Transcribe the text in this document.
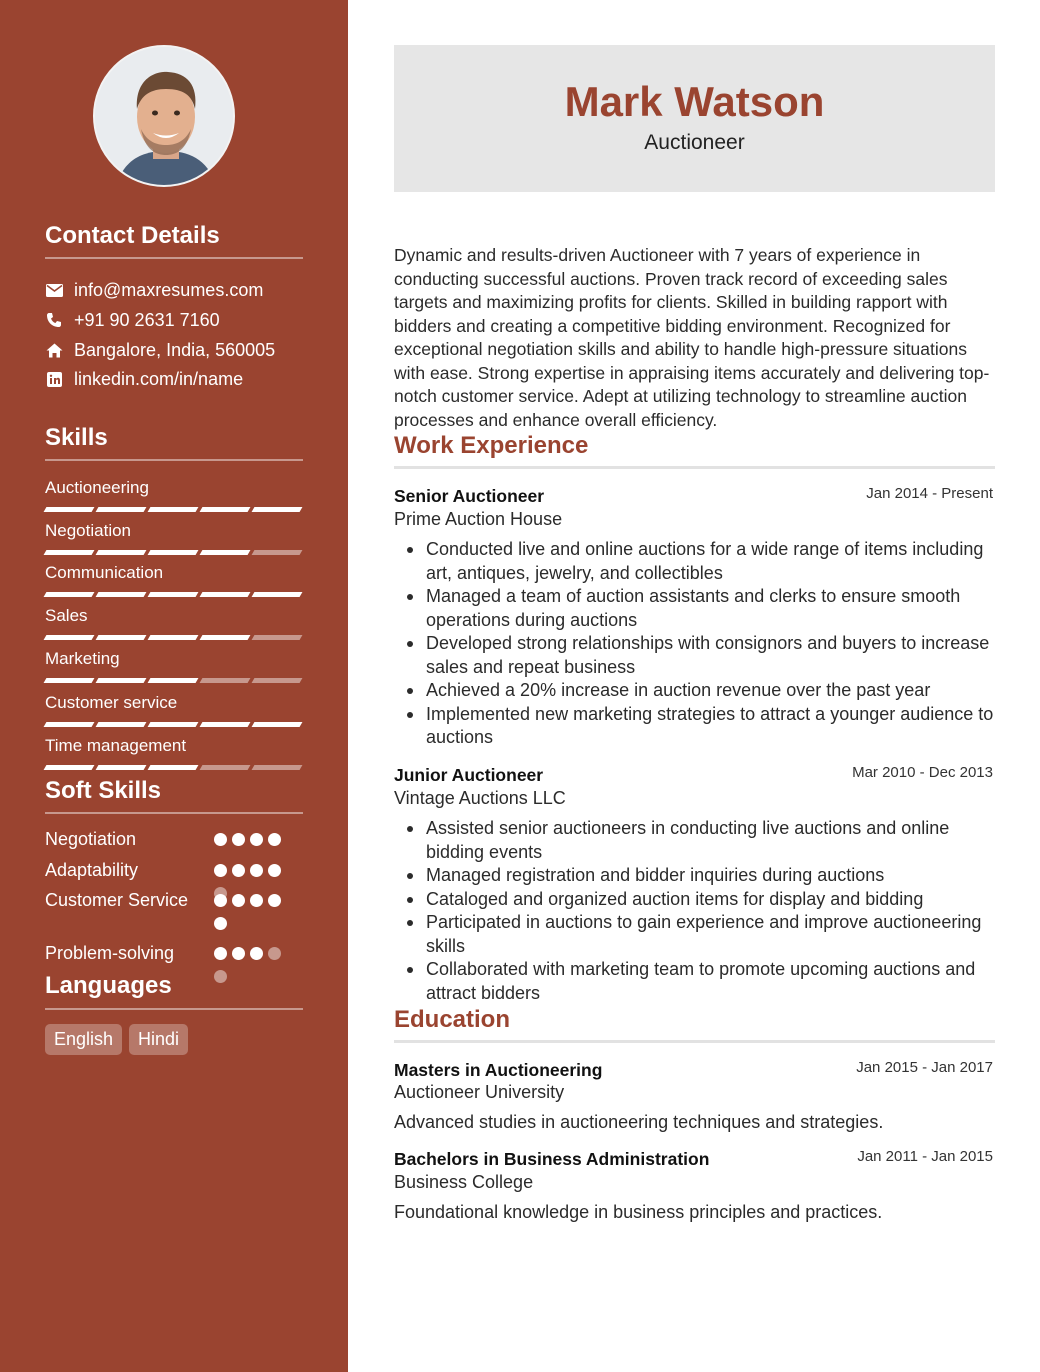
Contact Details
info@maxresumes.com
+91 90 2631 7160
Bangalore, India, 560005
linkedin.com/in/name
Skills
Auctioneering
Negotiation
Communication
Sales
Marketing
Customer service
Time management
Soft Skills
Negotiation
Adaptability
Customer Service
Problem-solving
Languages
English	Hindi
Mark Watson
Auctioneer
Dynamic and results-driven Auctioneer with 7 years of experience in conducting successful auctions. Proven track record of exceeding sales targets and maximizing profits for clients. Skilled in building rapport with bidders and creating a competitive bidding environment. Recognized for exceptional negotiation skills and ability to handle high-pressure situations with ease. Strong expertise in appraising items accurately and delivering top-notch customer service. Adept at utilizing technology to streamline auction processes and enhance overall efficiency.
Work Experience
Senior Auctioneer	Jan 2014 - Present
Prime Auction House
Conducted live and online auctions for a wide range of items including art, antiques, jewelry, and collectibles
Managed a team of auction assistants and clerks to ensure smooth operations during auctions
Developed strong relationships with consignors and buyers to increase sales and repeat business
Achieved a 20% increase in auction revenue over the past year
Implemented new marketing strategies to attract a younger audience to auctions
Junior Auctioneer	Mar 2010 - Dec 2013
Vintage Auctions LLC
Assisted senior auctioneers in conducting live auctions and online bidding events
Managed registration and bidder inquiries during auctions
Cataloged and organized auction items for display and bidding
Participated in auctions to gain experience and improve auctioneering skills
Collaborated with marketing team to promote upcoming auctions and attract bidders
Education
Masters in Auctioneering	Jan 2015 - Jan 2017
Auctioneer University
Advanced studies in auctioneering techniques and strategies.
Bachelors in Business Administration	Jan 2011 - Jan 2015
Business College
Foundational knowledge in business principles and practices.
